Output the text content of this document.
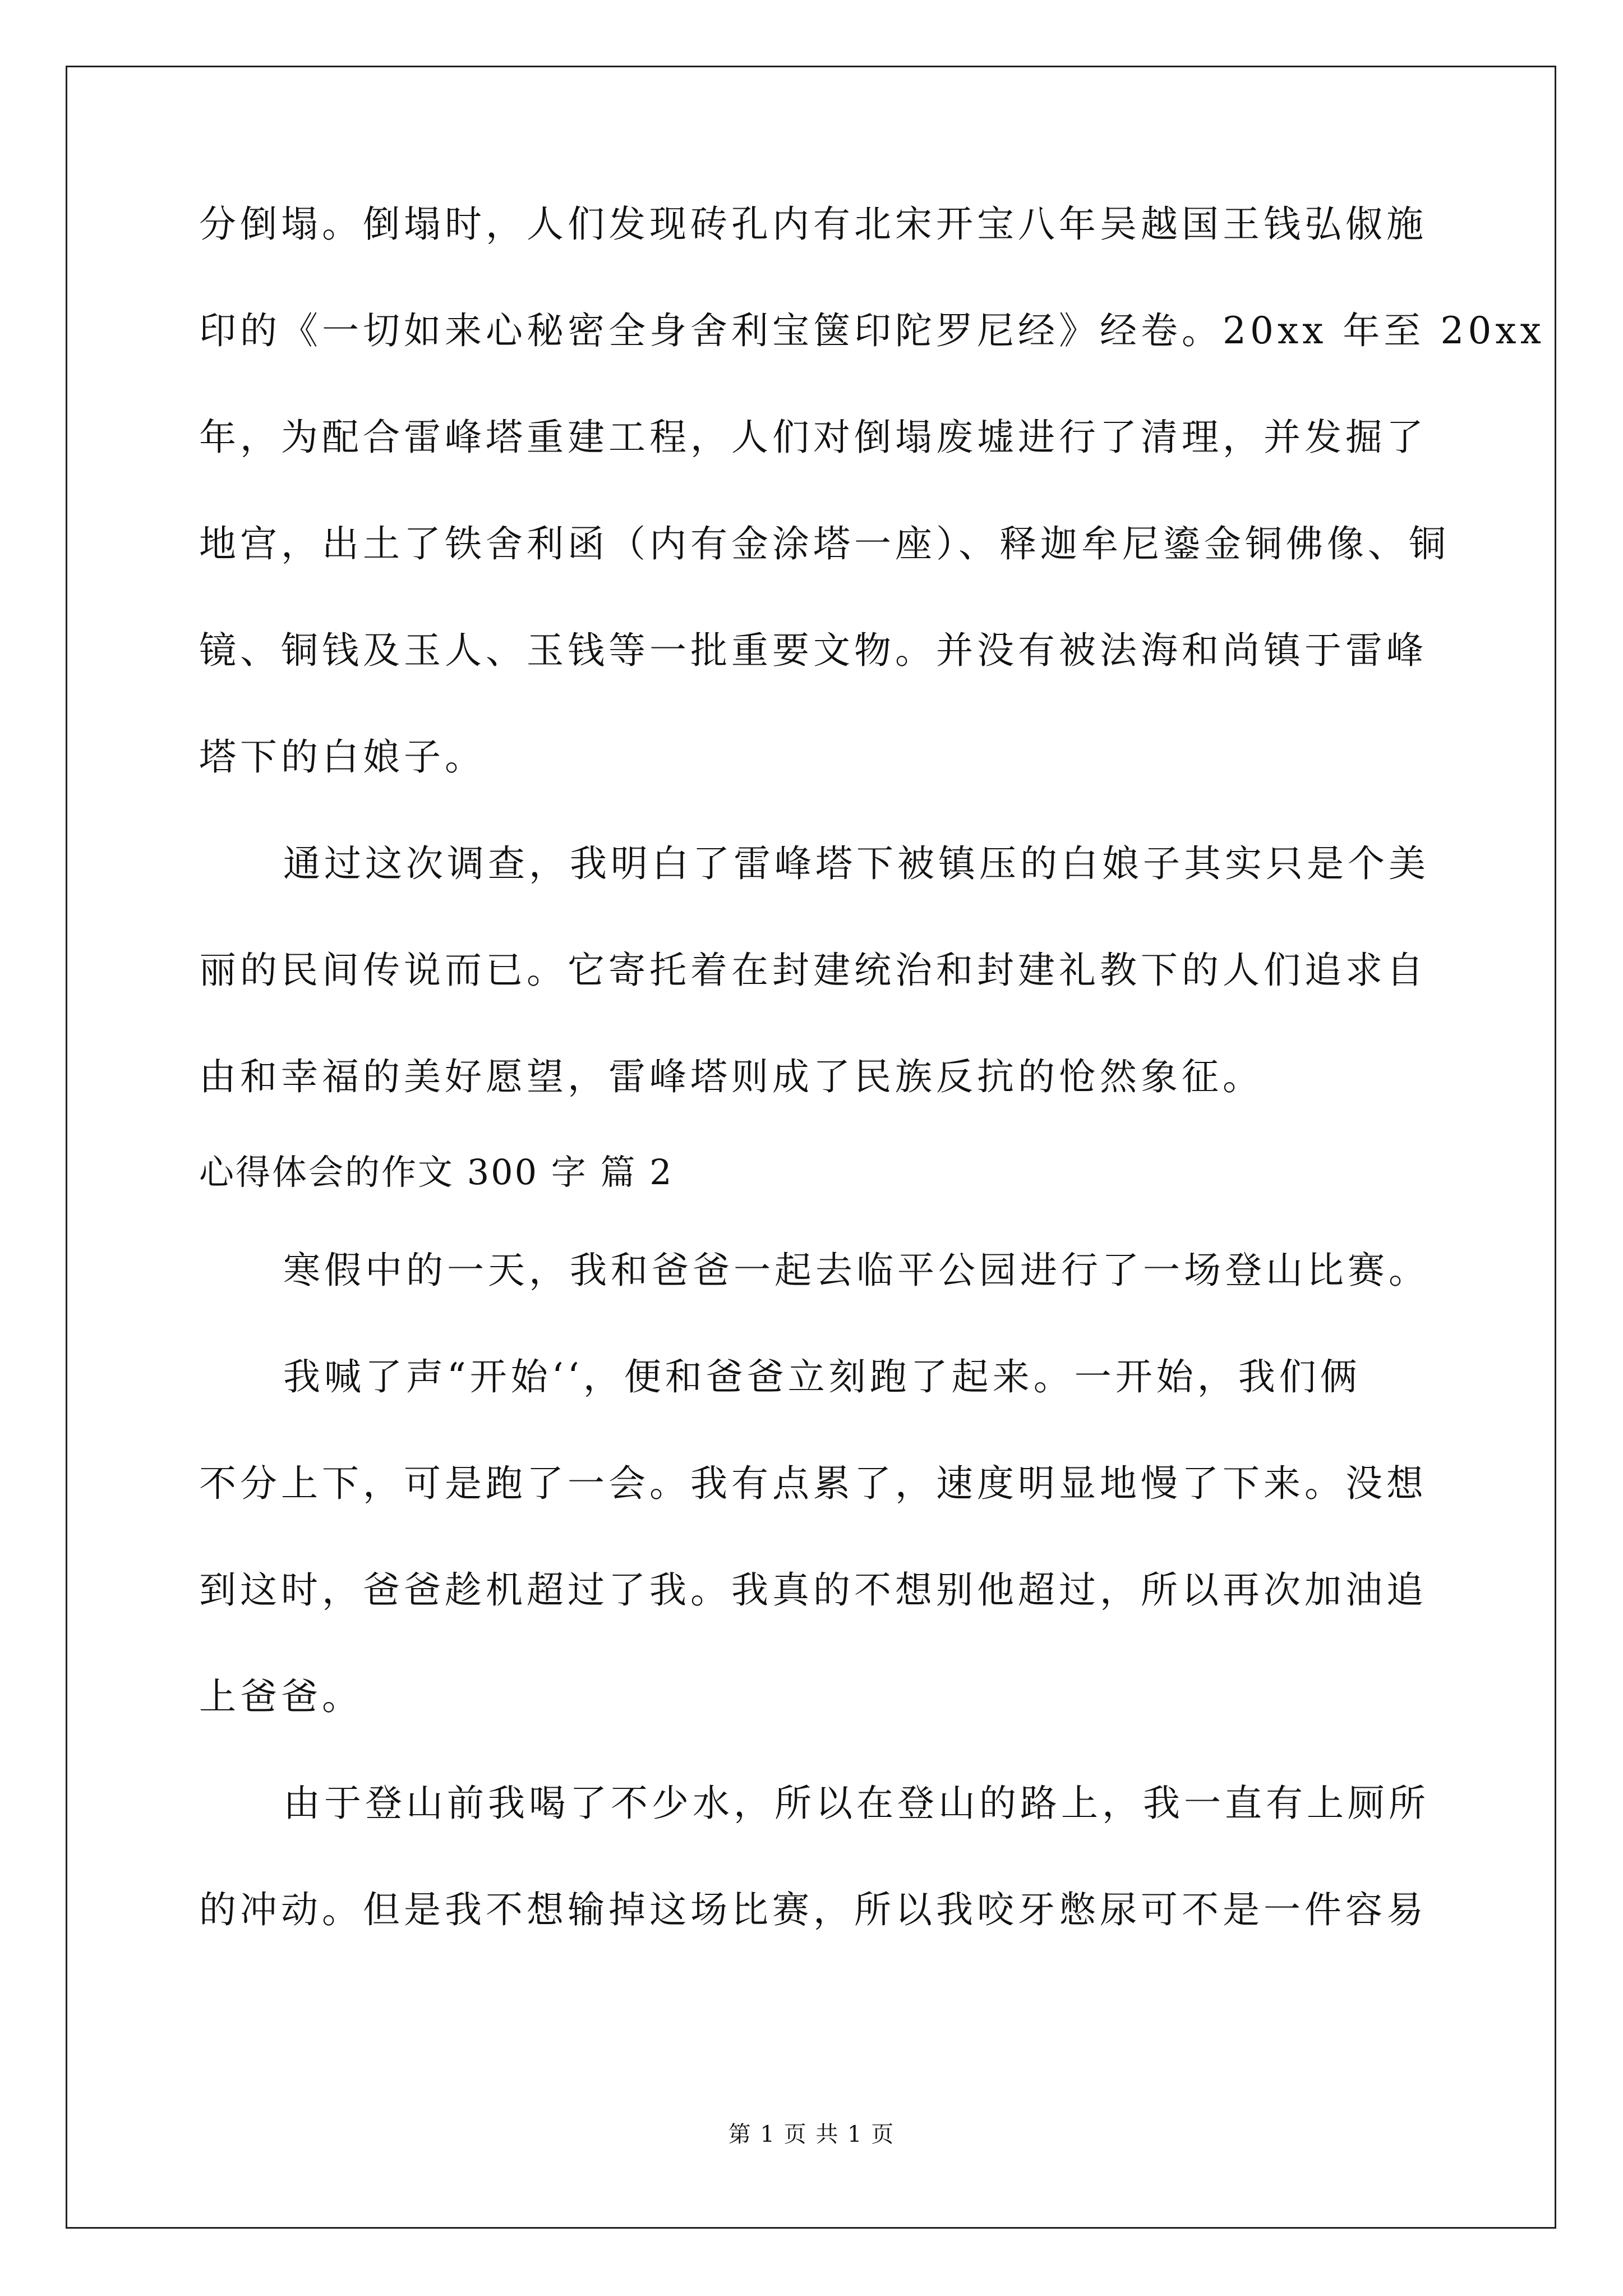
分倒塌。倒塌时，人们发现砖孔内有北宋开宝八年吴越国王钱弘俶施
印的《一切如来心秘密全身舍利宝箧印陀罗尼经》经卷。20xx 年至 20xx
年，为配合雷峰塔重建工程，人们对倒塌废墟进行了清理，并发掘了
地宫，出土了铁舍利函（内有金涂塔一座）、释迦牟尼鎏金铜佛像、铜
镜、铜钱及玉人、玉钱等一批重要文物。并没有被法海和尚镇于雷峰
塔下的白娘子。
通过这次调查，我明白了雷峰塔下被镇压的白娘子其实只是个美
丽的民间传说而已。它寄托着在封建统治和封建礼教下的人们追求自
由和幸福的美好愿望，雷峰塔则成了民族反抗的怆然象征。
心得体会的作文 300 字 篇 2
寒假中的一天，我和爸爸一起去临平公园进行了一场登山比赛。
我喊了声“开始‘‘，便和爸爸立刻跑了起来。一开始，我们俩
不分上下，可是跑了一会。我有点累了，速度明显地慢了下来。没想
到这时，爸爸趁机超过了我。我真的不想别他超过，所以再次加油追
上爸爸。
由于登山前我喝了不少水，所以在登山的路上，我一直有上厕所
的冲动。但是我不想输掉这场比赛，所以我咬牙憋尿可不是一件容易
第 1 页 共 1 页
